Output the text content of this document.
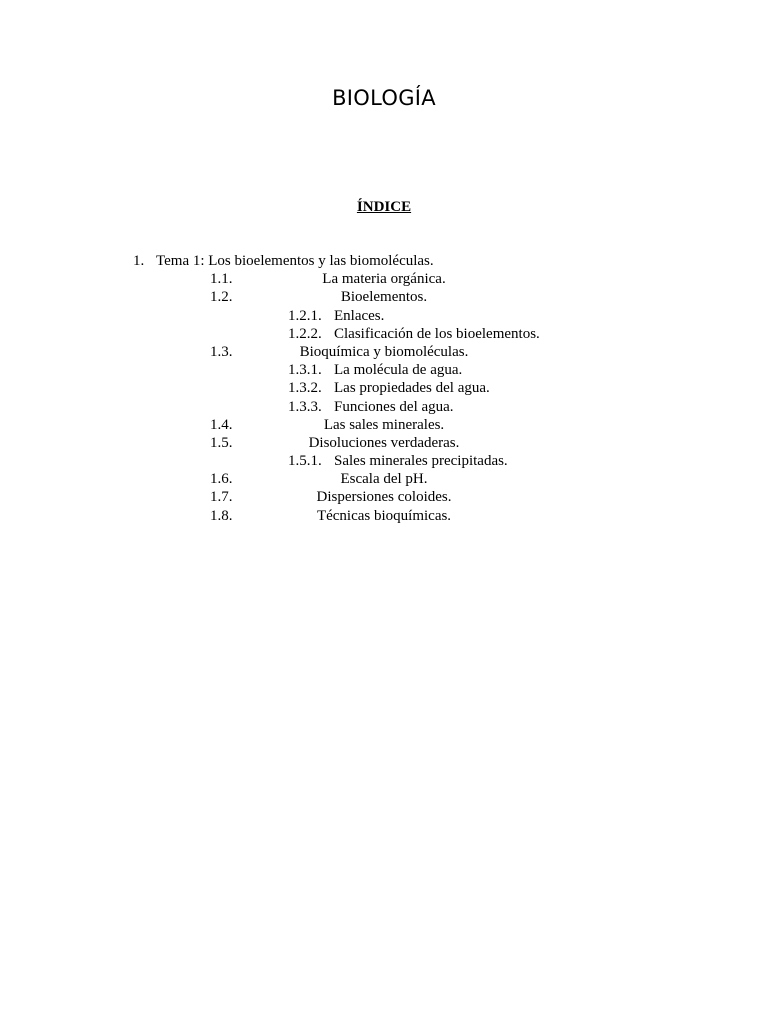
BIOLOGÍA
ÍNDICE
1. Tema 1: Los bioelementos y las biomoléculas.
1.1.	La materia orgánica.
1.2.	Bioelementos.
1.2.1. Enlaces.
1.2.2. Clasificación de los bioelementos.
1.3.	Bioquímica y biomoléculas.
1.3.1. La molécula de agua.
1.3.2. Las propiedades del agua.
1.3.3. Funciones del agua.
1.4.	Las sales minerales.
1.5.	Disoluciones verdaderas.
1.5.1. Sales minerales precipitadas.
1.6.	Escala del pH.
1.7.	Dispersiones coloides.
1.8.	Técnicas bioquímicas.
